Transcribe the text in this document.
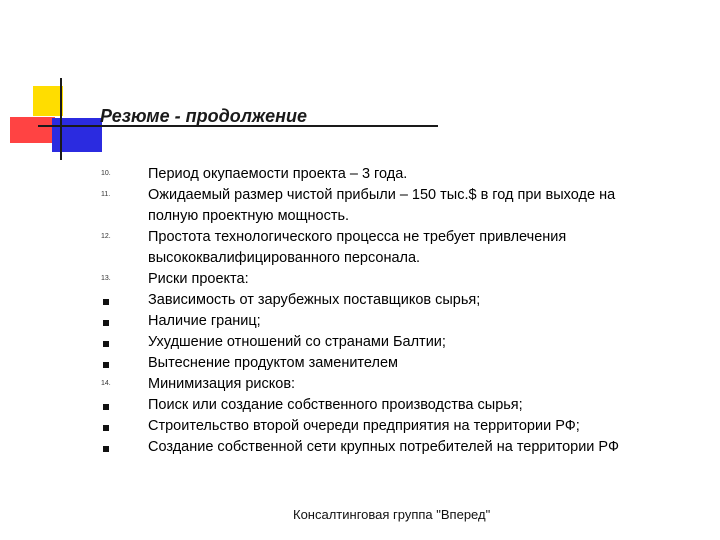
Резюме - продолжение
10.	Период окупаемости проекта – 3 года.
11.	Ожидаемый размер чистой прибыли – 150 тыс.$ в год при выходе на
полную проектную мощность.
12.	Простота технологического процесса не требует привлечения
высококвалифицированного персонала.
13.	Риски проекта:
Зависимость от зарубежных поставщиков сырья;
Наличие границ;
Ухудшение отношений со странами Балтии;
Вытеснение продуктом заменителем
14.	Минимизация рисков:
Поиск или создание собственного производства сырья;
Строительство второй очереди предприятия на территории РФ;
Создание собственной сети крупных потребителей на территории РФ
Консалтинговая группа "Вперед"
